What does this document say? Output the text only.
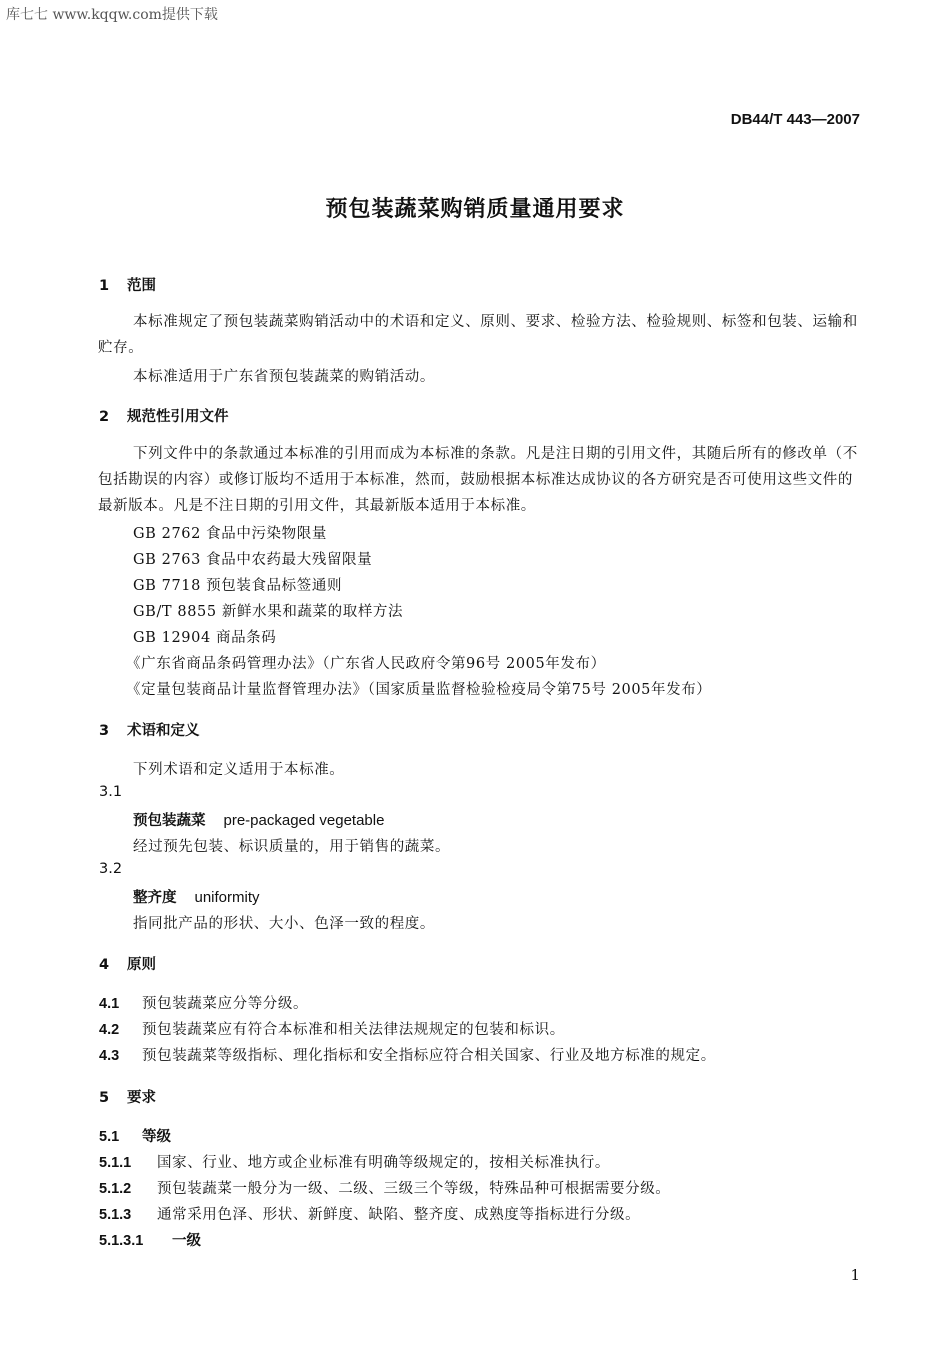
库七七 www.kqqw.com提供下载
DB44/T 443—2007
预包装蔬菜购销质量通用要求
1 范围
本标准规定了预包装蔬菜购销活动中的术语和定义、原则、要求、检验方法、检验规则、标签和包装、运输和贮存。
本标准适用于广东省预包装蔬菜的购销活动。
2 规范性引用文件
下列文件中的条款通过本标准的引用而成为本标准的条款。凡是注日期的引用文件，其随后所有的修改单（不包括勘误的内容）或修订版均不适用于本标准，然而，鼓励根据本标准达成协议的各方研究是否可使用这些文件的最新版本。凡是不注日期的引用文件，其最新版本适用于本标准。
GB 2762 食品中污染物限量
GB 2763 食品中农药最大残留限量
GB 7718 预包装食品标签通则
GB/T 8855 新鲜水果和蔬菜的取样方法
GB 12904 商品条码
《广东省商品条码管理办法》（广东省人民政府令第96号 2005年发布）
《定量包装商品计量监督管理办法》（国家质量监督检验检疫局令第75号 2005年发布）
3 术语和定义
下列术语和定义适用于本标准。
3.1
预包装蔬菜 pre-packaged vegetable
经过预先包装、标识质量的，用于销售的蔬菜。
3.2
整齐度 uniformity
指同批产品的形状、大小、色泽一致的程度。
4 原则
4.1 预包装蔬菜应分等分级。
4.2 预包装蔬菜应有符合本标准和相关法律法规规定的包装和标识。
4.3 预包装蔬菜等级指标、理化指标和安全指标应符合相关国家、行业及地方标准的规定。
5 要求
5.1 等级
5.1.1 国家、行业、地方或企业标准有明确等级规定的，按相关标准执行。
5.1.2 预包装蔬菜一般分为一级、二级、三级三个等级，特殊品种可根据需要分级。
5.1.3 通常采用色泽、形状、新鲜度、缺陷、整齐度、成熟度等指标进行分级。
5.1.3.1 一级
1
